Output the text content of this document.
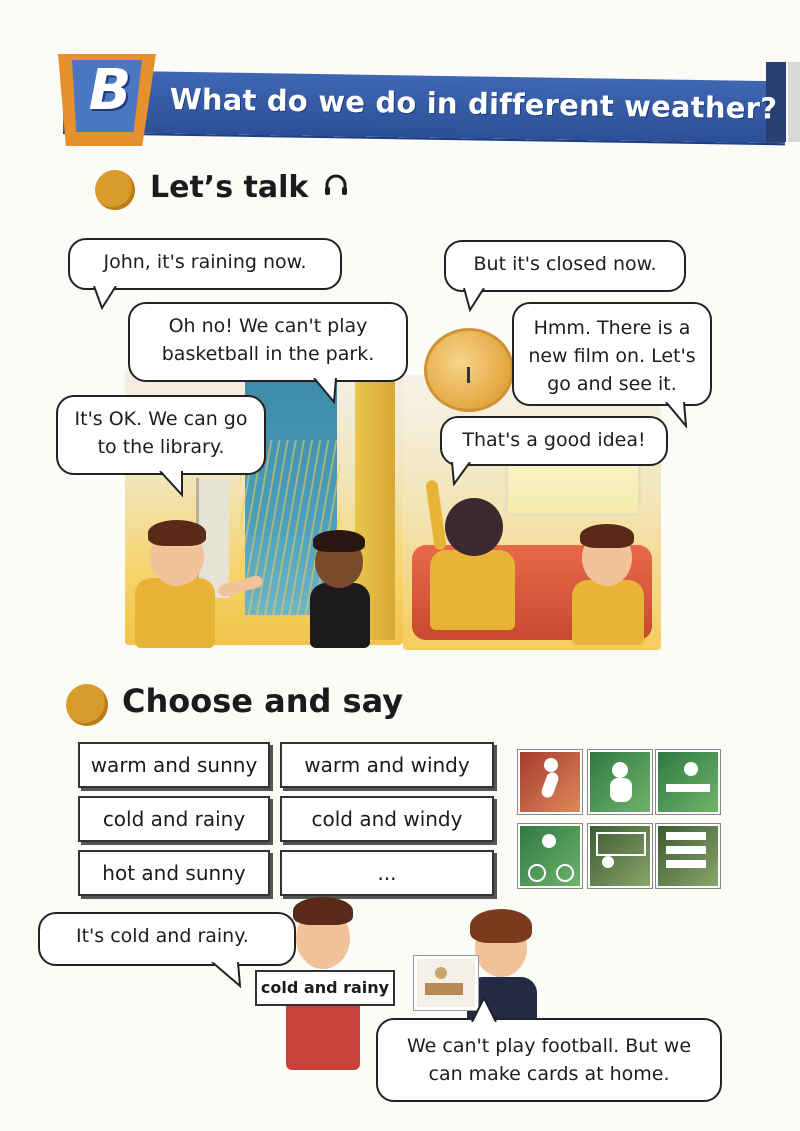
B What do we do in different weather?
Let’s talk
John, it's raining now.
Oh no! We can't play basketball in the park.
It's OK. We can go to the library.
But it's closed now.
Hmm. There is a new film on. Let's go and see it.
That's a good idea!
Choose and say
warm and sunny	warm and windy
cold and rainy	cold and windy
hot and sunny	...
cold and rainy
It's cold and rainy.
We can't play football. But we can make cards at home.
